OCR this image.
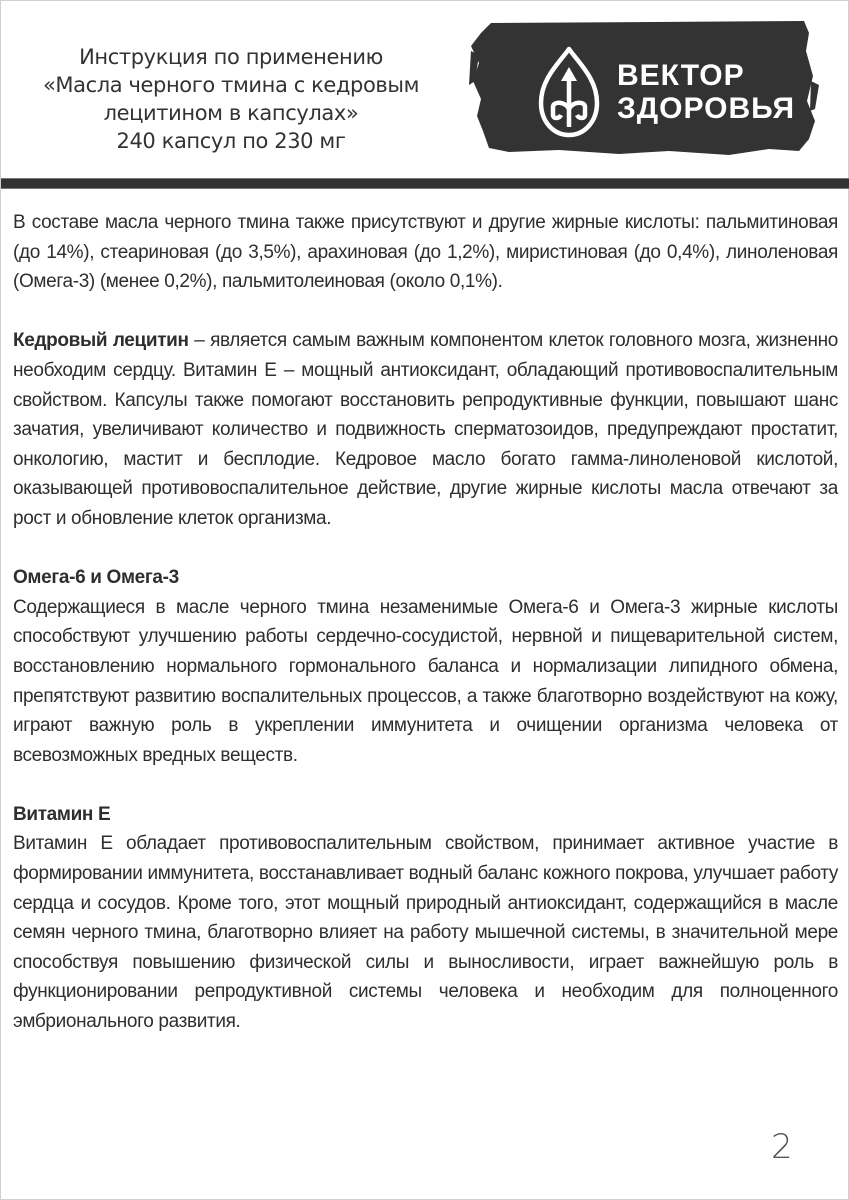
Инструкция по применению
«Масла черного тмина с кедровым
лецитином в капсулах»
240 капсул по 230 мг
ВЕКТОР
ЗДОРОВЬЯ

В составе масла черного тмина также присутствуют и другие жирные кислоты: пальмитиновая (до 14%), стеариновая (до 3,5%), арахиновая (до 1,2%), миристиновая (до 0,4%), линоленовая (Омега-3) (менее 0,2%), пальмитолеиновая (около 0,1%).

Кедровый лецитин – является самым важным компонентом клеток головного мозга, жизненно необходим сердцу. Витамин Е – мощный антиоксидант, обладающий противовоспалительным свойством. Капсулы также помогают восстановить репродуктивные функции, повышают шанс зачатия, увеличивают количество и подвижность сперматозоидов, предупреждают простатит, онкологию, мастит и бесплодие. Кедровое масло богато гамма-линоленовой кислотой, оказывающей противовоспалительное действие, другие жирные кислоты масла отвечают за рост и обновление клеток организма.

Омега-6 и Омега-3

Содержащиеся в масле черного тмина незаменимые Омега-6 и Омега-3 жирные кислоты способствуют улучшению работы сердечно-сосудистой, нервной и пищеварительной систем, восстановлению нормального гормонального баланса и нормализации липидного обмена, препятствуют развитию воспалительных процессов, а также благотворно воздействуют на кожу, играют важную роль в укреплении иммунитета и очищении организма человека от всевозможных вредных веществ.

Витамин Е

Витамин Е обладает противовоспалительным свойством, принимает активное участие в формировании иммунитета, восстанавливает водный баланс кожного покрова, улучшает работу сердца и сосудов. Кроме того, этот мощный природный антиоксидант, содержащийся в масле семян черного тмина, благотворно влияет на работу мышечной системы, в значительной мере способствуя повышению физической силы и выносливости, играет важнейшую роль в функционировании репродуктивной системы человека и необходим для полноценного эмбрионального развития.

2
